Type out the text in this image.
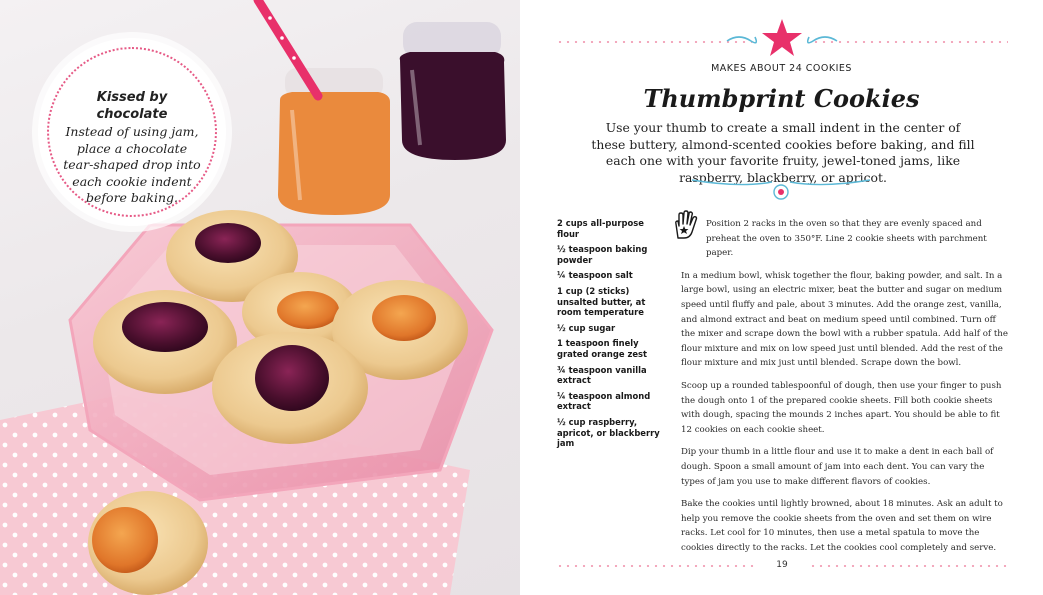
Kissed by chocolate
Instead of using jam, place a chocolate tear-shaped drop into each cookie indent before baking.
MAKES ABOUT 24 COOKIES
Thumbprint Cookies
Use your thumb to create a small indent in the center of these buttery, almond-scented cookies before baking, and fill each one with your favorite fruity, jewel-toned jams, like raspberry, blackberry, or apricot.
2 cups all-purpose flour
½ teaspoon baking powder
¼ teaspoon salt
1 cup (2 sticks) unsalted butter, at room temperature
½ cup sugar
1 teaspoon finely grated orange zest
¾ teaspoon vanilla extract
¼ teaspoon almond extract
½ cup raspberry, apricot, or blackberry jam

Position 2 racks in the oven so that they are evenly spaced and preheat the oven to 350°F. Line 2 cookie sheets with parchment paper.

In a medium bowl, whisk together the flour, baking powder, and salt. In a large bowl, using an electric mixer, beat the butter and sugar on medium speed until fluffy and pale, about 3 minutes. Add the orange zest, vanilla, and almond extract and beat on medium speed until combined. Turn off the mixer and scrape down the bowl with a rubber spatula. Add half of the flour mixture and mix on low speed just until blended. Add the rest of the flour mixture and mix just until blended. Scrape down the bowl.

Scoop up a rounded tablespoonful of dough, then use your finger to push the dough onto 1 of the prepared cookie sheets. Fill both cookie sheets with dough, spacing the mounds 2 inches apart. You should be able to fit 12 cookies on each cookie sheet.

Dip your thumb in a little flour and use it to make a dent in each ball of dough. Spoon a small amount of jam into each dent. You can vary the types of jam you use to make different flavors of cookies.

Bake the cookies until lightly browned, about 18 minutes. Ask an adult to help you remove the cookie sheets from the oven and set them on wire racks. Let cool for 10 minutes, then use a metal spatula to move the cookies directly to the racks. Let the cookies cool completely and serve.

19
